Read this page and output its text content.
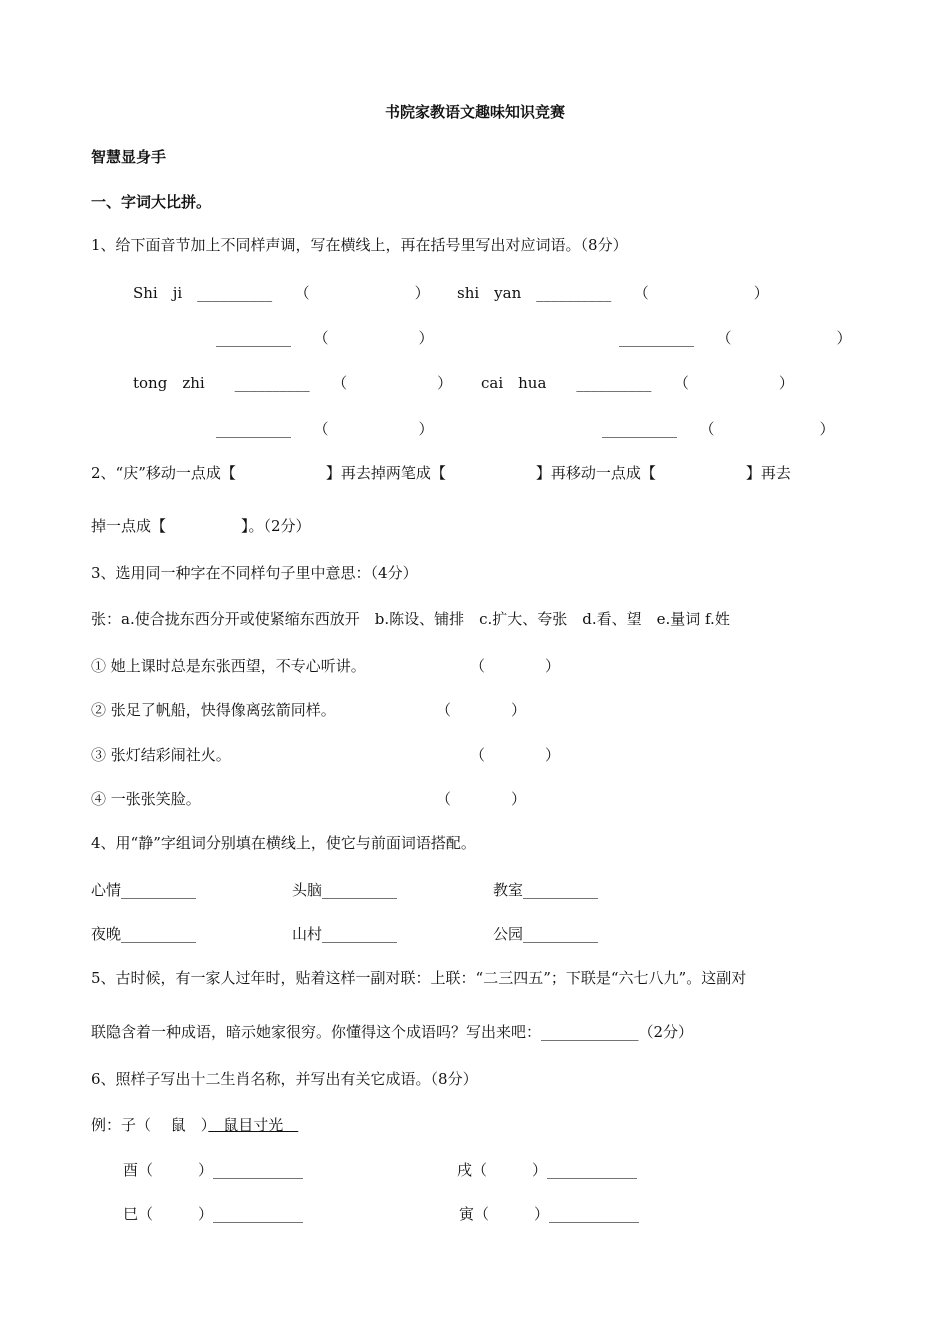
书院家教语文趣味知识竞赛
智慧显身手
一、字词大比拼。
1、给下面音节加上不同样声调，写在横线上，再在括号里写出对应词语。（8分）
Shi　ji　__________　　（　　　　　　　） shi　yan　__________　　（　　　　　　　）
__________　　（　　　　　　）	__________　　（　　　　　　　）
tong　zhi　　__________　　（　　　　　　） cai　hua　　__________　　（　　　　　　）
__________　　（　　　　　　）	__________　　（　　　　　　　）
2、“庆”移动一点成【　　　　　　】再去掉两笔成【　　　　　　】再移动一点成【　　　　　　】再去
掉一点成【　　　　　】。（2分）
3、选用同一种字在不同样句子里中意思：（4分）
张：a.使合拢东西分开或使紧缩东西放开　b.陈设、铺排　c.扩大、夸张　d.看、望　e.量词 f.姓
① 她上课时总是东张西望，不专心听讲。	（　　　　）
② 张足了帆船，快得像离弦箭同样。	（　　　　）
③ 张灯结彩闹社火。	（　　　　）
④ 一张张笑脸。	（　　　　）
4、用“静”字组词分别填在横线上，使它与前面词语搭配。
心情__________	头脑__________	教室__________
夜晚__________	山村__________	公园__________
5、古时候，有一家人过年时，贴着这样一副对联：上联：“二三四五”；下联是“六七八九”。这副对
联隐含着一种成语，暗示她家很穷。你懂得这个成语吗？写出来吧：_____________（2分）
6、照样子写出十二生肖名称，并写出有关它成语。（8分）
例：子（　 鼠　）　鼠目寸光　
酉（　　　）____________	戌（　　　）____________
巳（　　　）____________	寅（　　　）____________
